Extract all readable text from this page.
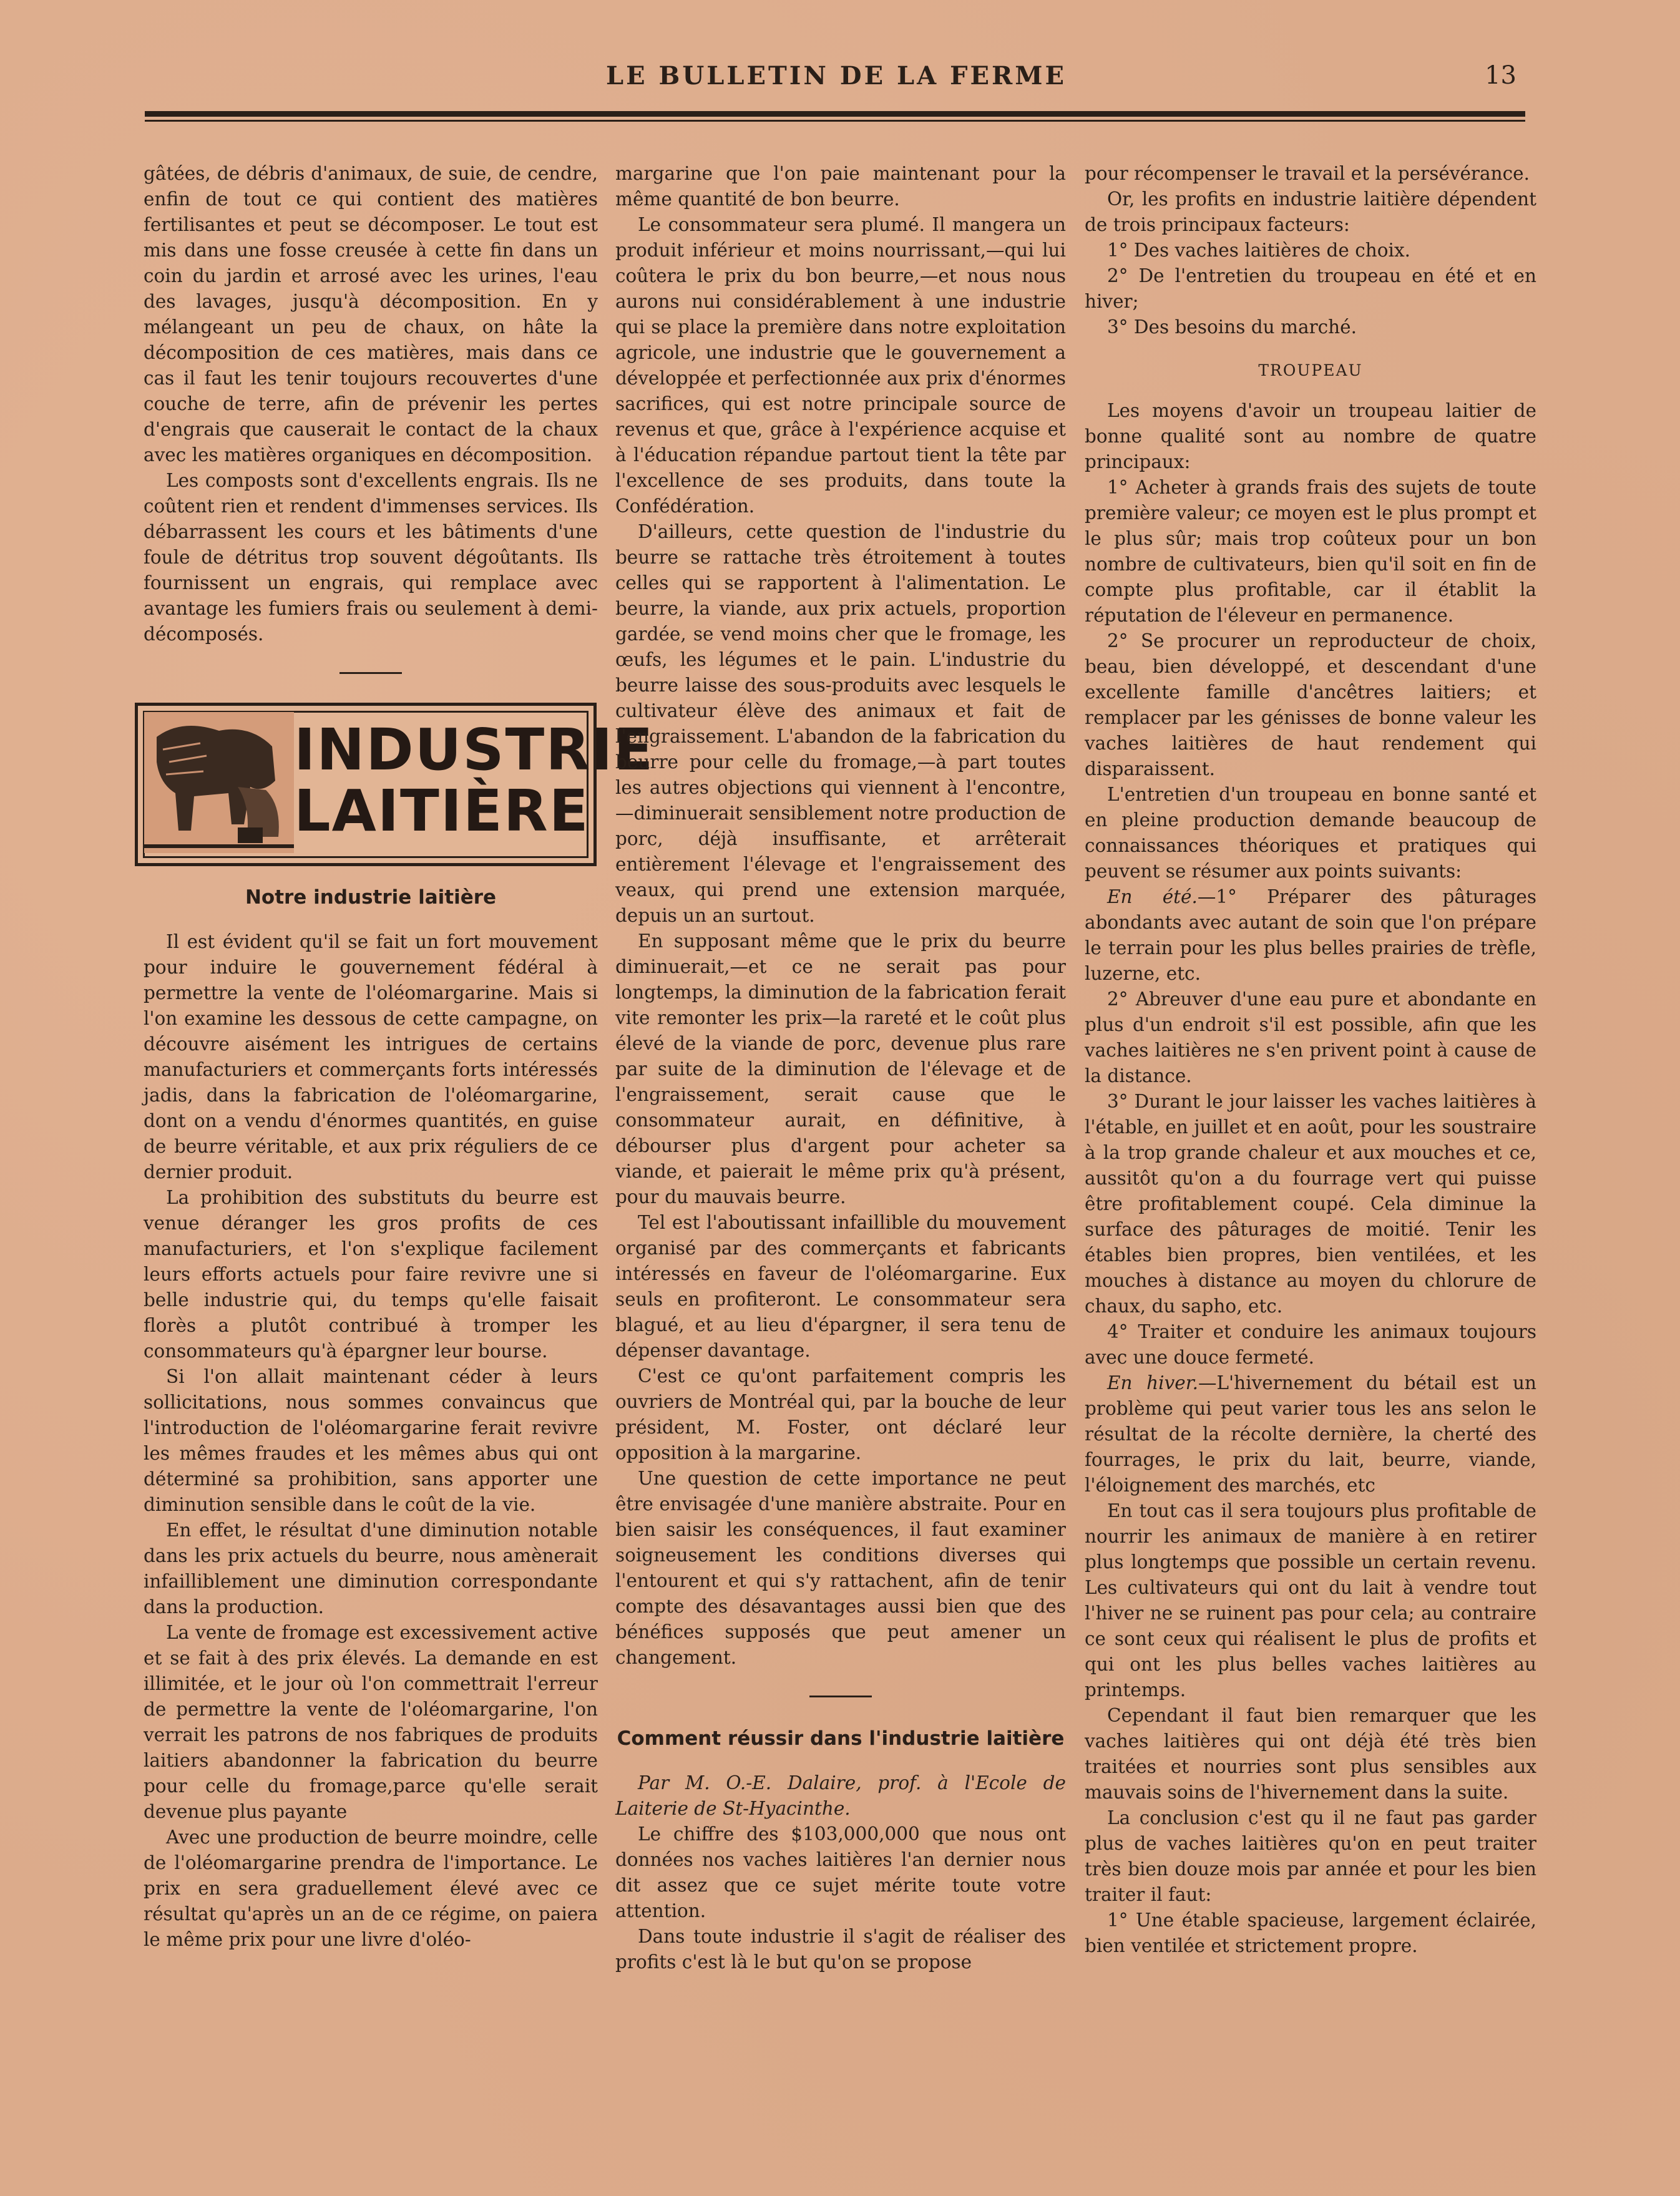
LE BULLETIN DE LA FERME	13

gâtées, de débris d'animaux, de suie, de cendre, enfin de tout ce qui contient des matières fertilisantes et peut se décomposer. Le tout est mis dans une fosse creusée à cette fin dans un coin du jardin et arrosé avec les urines, l'eau des lavages, jusqu'à décomposition. En y mélangeant un peu de chaux, on hâte la décomposition de ces matières, mais dans ce cas il faut les tenir toujours recouvertes d'une couche de terre, afin de prévenir les pertes d'engrais que causerait le contact de la chaux avec les matières organiques en décomposition.

Les composts sont d'excellents engrais. Ils ne coûtent rien et rendent d'immenses services. Ils débarrassent les cours et les bâtiments d'une foule de détritus trop souvent dégoûtants. Ils fournissent un engrais, qui remplace avec avantage les fumiers frais ou seulement à demi-décomposés.

INDUSTRIE
LAITIÈRE
Notre industrie laitière

Il est évident qu'il se fait un fort mouvement pour induire le gouvernement fédéral à permettre la vente de l'oléomargarine. Mais si l'on examine les dessous de cette campagne, on découvre aisément les intrigues de certains manufacturiers et commerçants forts intéressés jadis, dans la fabrication de l'oléomargarine, dont on a vendu d'énormes quantités, en guise de beurre véritable, et aux prix réguliers de ce dernier produit.

La prohibition des substituts du beurre est venue déranger les gros profits de ces manufacturiers, et l'on s'explique facilement leurs efforts actuels pour faire revivre une si belle industrie qui, du temps qu'elle faisait florès a plutôt contribué à tromper les consommateurs qu'à épargner leur bourse.

Si l'on allait maintenant céder à leurs sollicitations, nous sommes convaincus que l'introduction de l'oléomargarine ferait revivre les mêmes fraudes et les mêmes abus qui ont déterminé sa prohibition, sans apporter une diminution sensible dans le coût de la vie.

En effet, le résultat d'une diminution notable dans les prix actuels du beurre, nous amènerait infailliblement une diminution correspondante dans la production.

La vente de fromage est excessivement active et se fait à des prix élevés. La demande en est illimitée, et le jour où l'on commettrait l'erreur de permettre la vente de l'oléomargarine, l'on verrait les patrons de nos fabriques de produits laitiers abandonner la fabrication du beurre pour celle du fromage,parce qu'elle serait devenue plus payante

Avec une production de beurre moindre, celle de l'oléomargarine prendra de l'importance. Le prix en sera graduellement élevé avec ce résultat qu'après un an de ce régime, on paiera le même prix pour une livre d'oléo-

margarine que l'on paie maintenant pour la même quantité de bon beurre.

Le consommateur sera plumé. Il mangera un produit inférieur et moins nourrissant,—qui lui coûtera le prix du bon beurre,—et nous nous aurons nui considérablement à une industrie qui se place la première dans notre exploitation agricole, une industrie que le gouvernement a développée et perfectionnée aux prix d'énormes sacrifices, qui est notre principale source de revenus et que, grâce à l'expérience acquise et à l'éducation répandue partout tient la tête par l'excellence de ses produits, dans toute la Confédération.

D'ailleurs, cette question de l'industrie du beurre se rattache très étroitement à toutes celles qui se rapportent à l'alimentation. Le beurre, la viande, aux prix actuels, proportion gardée, se vend moins cher que le fromage, les œufs, les légumes et le pain. L'industrie du beurre laisse des sous-produits avec lesquels le cultivateur élève des animaux et fait de l'engraissement. L'abandon de la fabrication du beurre pour celle du fromage,—à part toutes les autres objections qui viennent à l'encontre,—diminuerait sensiblement notre production de porc, déjà insuffisante, et arrêterait entièrement l'élevage et l'engraissement des veaux, qui prend une extension marquée, depuis un an surtout.

En supposant même que le prix du beurre diminuerait,—et ce ne serait pas pour longtemps, la diminution de la fabrication ferait vite remonter les prix—la rareté et le coût plus élevé de la viande de porc, devenue plus rare par suite de la diminution de l'élevage et de l'engraissement, serait cause que le consommateur aurait, en définitive, à débourser plus d'argent pour acheter sa viande, et paierait le même prix qu'à présent, pour du mauvais beurre.

Tel est l'aboutissant infaillible du mouvement organisé par des commerçants et fabricants intéressés en faveur de l'oléomargarine. Eux seuls en profiteront. Le consommateur sera blagué, et au lieu d'épargner, il sera tenu de dépenser davantage.

C'est ce qu'ont parfaitement compris les ouvriers de Montréal qui, par la bouche de leur président, M. Foster, ont déclaré leur opposition à la margarine.

Une question de cette importance ne peut être envisagée d'une manière abstraite. Pour en bien saisir les conséquences, il faut examiner soigneusement les conditions diverses qui l'entourent et qui s'y rattachent, afin de tenir compte des désavantages aussi bien que des bénéfices supposés que peut amener un changement.

Comment réussir dans l'industrie laitière

Par M. O.-E. Dalaire, prof. à l'Ecole de Laiterie de St-Hyacinthe.

Le chiffre des $103,000,000 que nous ont données nos vaches laitières l'an dernier nous dit assez que ce sujet mérite toute votre attention.

Dans toute industrie il s'agit de réaliser des profits c'est là le but qu'on se propose

pour récompenser le travail et la persévérance.

Or, les profits en industrie laitière dépendent de trois principaux facteurs:

1° Des vaches laitières de choix.

2° De l'entretien du troupeau en été et en hiver;

3° Des besoins du marché.

TROUPEAU

Les moyens d'avoir un troupeau laitier de bonne qualité sont au nombre de quatre principaux:

1° Acheter à grands frais des sujets de toute première valeur; ce moyen est le plus prompt et le plus sûr; mais trop coûteux pour un bon nombre de cultivateurs, bien qu'il soit en fin de compte plus profitable, car il établit la réputation de l'éleveur en permanence.

2° Se procurer un reproducteur de choix, beau, bien développé, et descendant d'une excellente famille d'ancêtres laitiers; et remplacer par les génisses de bonne valeur les vaches laitières de haut rendement qui disparaissent.

L'entretien d'un troupeau en bonne santé et en pleine production demande beaucoup de connaissances théoriques et pratiques qui peuvent se résumer aux points suivants:

En été.—1° Préparer des pâturages abondants avec autant de soin que l'on prépare le terrain pour les plus belles prairies de trèfle, luzerne, etc.

2° Abreuver d'une eau pure et abondante en plus d'un endroit s'il est possible, afin que les vaches laitières ne s'en privent point à cause de la distance.

3° Durant le jour laisser les vaches laitières à l'étable, en juillet et en août, pour les soustraire à la trop grande chaleur et aux mouches et ce, aussitôt qu'on a du fourrage vert qui puisse être profitablement coupé. Cela diminue la surface des pâturages de moitié. Tenir les étables bien propres, bien ventilées, et les mouches à distance au moyen du chlorure de chaux, du sapho, etc.

4° Traiter et conduire les animaux toujours avec une douce fermeté.

En hiver.—L'hivernement du bétail est un problème qui peut varier tous les ans selon le résultat de la récolte dernière, la cherté des fourrages, le prix du lait, beurre, viande, l'éloignement des marchés, etc

En tout cas il sera toujours plus profitable de nourrir les animaux de manière à en retirer plus longtemps que possible un certain revenu. Les cultivateurs qui ont du lait à vendre tout l'hiver ne se ruinent pas pour cela; au contraire ce sont ceux qui réalisent le plus de profits et qui ont les plus belles vaches laitières au printemps.

Cependant il faut bien remarquer que les vaches laitières qui ont déjà été très bien traitées et nourries sont plus sensibles aux mauvais soins de l'hivernement dans la suite.

La conclusion c'est qu il ne faut pas garder plus de vaches laitières qu'on en peut traiter très bien douze mois par année et pour les bien traiter il faut:

1° Une étable spacieuse, largement éclairée, bien ventilée et strictement propre.
